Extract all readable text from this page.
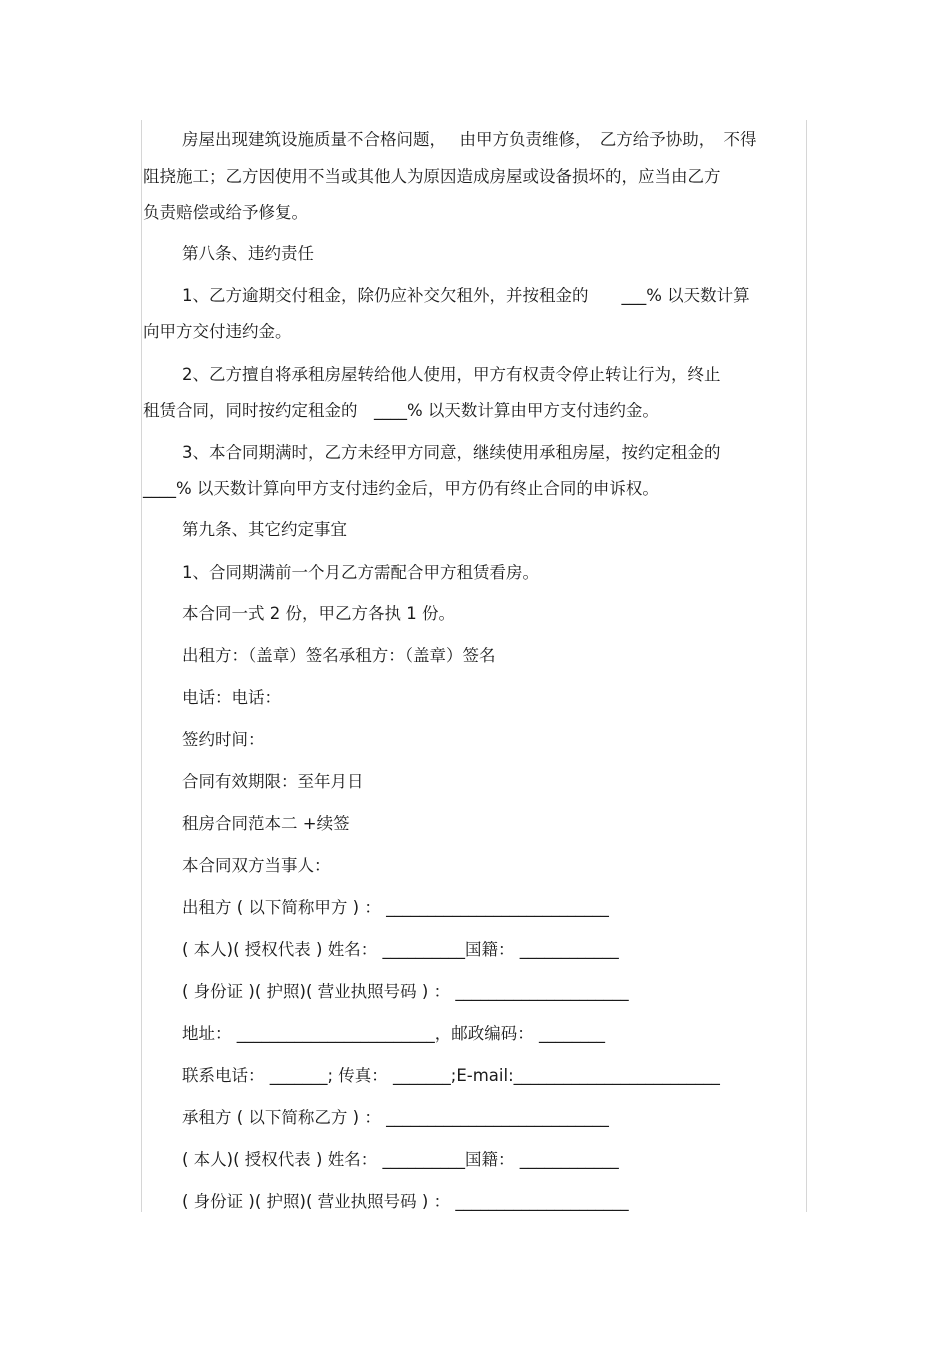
房屋出现建筑设施质量不合格问题，　 由甲方负责维修，　乙方给予协助，　不得
阻挠施工；乙方因使用不当或其他人为原因造成房屋或设备损坏的，应当由乙方
负责赔偿或给予修复。
第八条、违约责任
1、乙方逾期交付租金，除仍应补交欠租外，并按租金的　　___% 以天数计算
向甲方交付违约金。
2、乙方擅自将承租房屋转给他人使用，甲方有权责令停止转让行为，终止
租赁合同，同时按约定租金的　____% 以天数计算由甲方支付违约金。
3、本合同期满时，乙方未经甲方同意，继续使用承租房屋，按约定租金的
____% 以天数计算向甲方支付违约金后，甲方仍有终止合同的申诉权。
第九条、其它约定事宜
1、合同期满前一个月乙方需配合甲方租赁看房。
本合同一式 2 份，甲乙方各执 1 份。
出租方：（盖章）签名承租方：（盖章）签名
电话：电话：
签约时间：
合同有效期限：至年月日
租房合同范本二 +续签
本合同双方当事人：
出租方 ( 以下简称甲方 ) ： ___________________________
( 本人)( 授权代表 ) 姓名： __________国籍： ____________
( 身份证 )( 护照)( 营业执照号码 ) ： _____________________
地址： ________________________，邮政编码： ________
联系电话： _______; 传真： _______;E-mail:_________________________
承租方 ( 以下简称乙方 ) ： ___________________________
( 本人)( 授权代表 ) 姓名： __________国籍： ____________
( 身份证 )( 护照)( 营业执照号码 ) ： _____________________
